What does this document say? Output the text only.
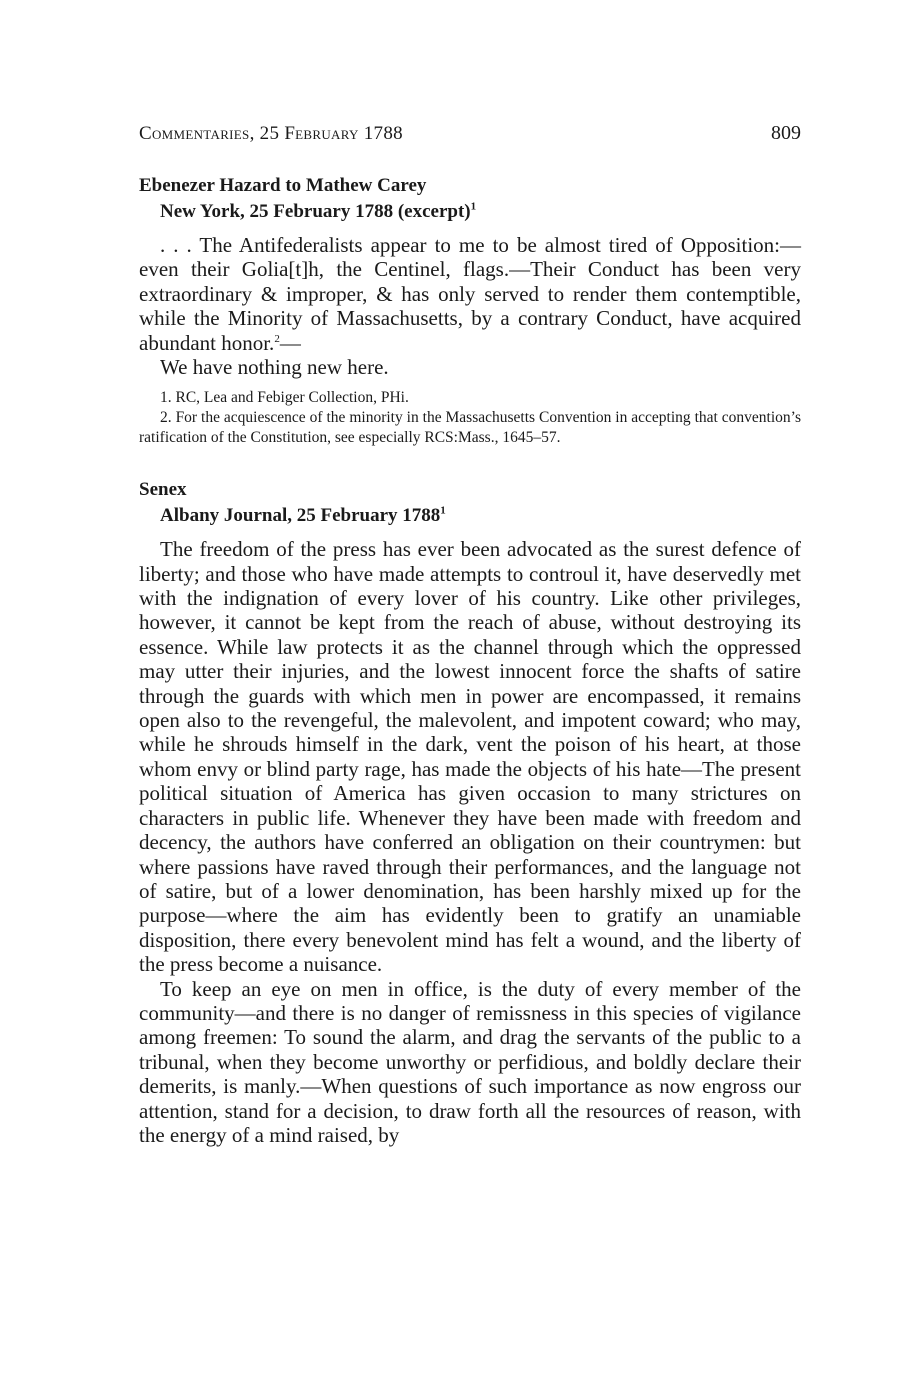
Commentaries, 25 February 1788	809
Ebenezer Hazard to Mathew Carey
New York, 25 February 1788 (excerpt)$^1$

. . . The Antifederalists appear to me to be almost tired of Opposition:—even their Golia[t]h, the Centinel, flags.—Their Conduct has been very extraordinary & improper, & has only served to render them contemptible, while the Minority of Massachusetts, by a contrary Conduct, have acquired abundant honor.$^2$—

We have nothing new here.

1. RC, Lea and Febiger Collection, PHi.

2. For the acquiescence of the minority in the Massachusetts Convention in accepting that convention’s ratification of the Constitution, see especially RCS:Mass., 1645–57.

Senex
Albany Journal, 25 February 1788$^1$

The freedom of the press has ever been advocated as the surest defence of liberty; and those who have made attempts to controul it, have deservedly met with the indignation of every lover of his country. Like other privileges, however, it cannot be kept from the reach of abuse, without destroying its essence. While law protects it as the channel through which the oppressed may utter their injuries, and the lowest innocent force the shafts of satire through the guards with which men in power are encompassed, it remains open also to the revengeful, the malevolent, and impotent coward; who may, while he shrouds himself in the dark, vent the poison of his heart, at those whom envy or blind party rage, has made the objects of his hate—The present political situation of America has given occasion to many strictures on characters in public life. Whenever they have been made with freedom and decency, the authors have conferred an obligation on their countrymen: but where passions have raved through their performances, and the language not of satire, but of a lower denomination, has been harshly mixed up for the purpose—where the aim has evidently been to gratify an unamiable disposition, there every benevolent mind has felt a wound, and the liberty of the press become a nuisance.

To keep an eye on men in office, is the duty of every member of the community—and there is no danger of remissness in this species of vigilance among freemen: To sound the alarm, and drag the servants of the public to a tribunal, when they become unworthy or perfidious, and boldly declare their demerits, is manly.—When questions of such importance as now engross our attention, stand for a decision, to draw forth all the resources of reason, with the energy of a mind raised, by
